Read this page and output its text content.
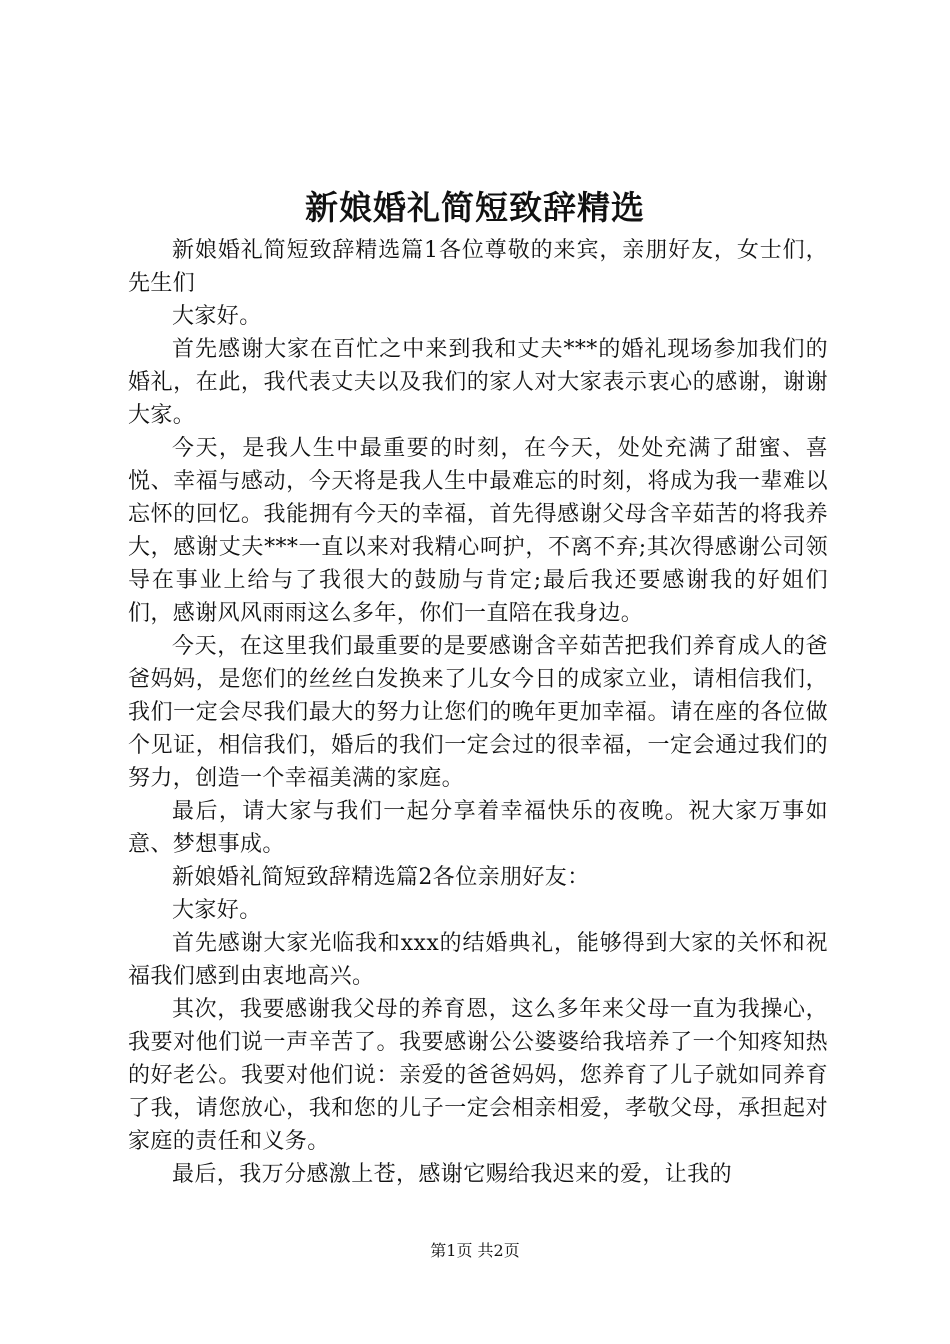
新娘婚礼简短致辞精选

新娘婚礼简短致辞精选篇1各位尊敬的来宾，亲朋好友，女士们，先生们

大家好。

首先感谢大家在百忙之中来到我和丈夫***的婚礼现场参加我们的婚礼，在此，我代表丈夫以及我们的家人对大家表示衷心的感谢，谢谢大家。

今天，是我人生中最重要的时刻，在今天，处处充满了甜蜜、喜悦、幸福与感动，今天将是我人生中最难忘的时刻，将成为我一辈难以忘怀的回忆。我能拥有今天的幸福，首先得感谢父母含辛茹苦的将我养大，感谢丈夫***一直以来对我精心呵护，不离不弃;其次得感谢公司领导在事业上给与了我很大的鼓励与肯定;最后我还要感谢我的好姐们们，感谢风风雨雨这么多年，你们一直陪在我身边。

今天，在这里我们最重要的是要感谢含辛茹苦把我们养育成人的爸爸妈妈，是您们的丝丝白发换来了儿女今日的成家立业，请相信我们，我们一定会尽我们最大的努力让您们的晚年更加幸福。请在座的各位做个见证，相信我们，婚后的我们一定会过的很幸福，一定会通过我们的努力，创造一个幸福美满的家庭。

最后，请大家与我们一起分享着幸福快乐的夜晚。祝大家万事如意、梦想事成。

新娘婚礼简短致辞精选篇2各位亲朋好友：

大家好。

首先感谢大家光临我和xxx的结婚典礼，能够得到大家的关怀和祝福我们感到由衷地高兴。

其次，我要感谢我父母的养育恩，这么多年来父母一直为我操心，我要对他们说一声辛苦了。我要感谢公公婆婆给我培养了一个知疼知热的好老公。我要对他们说：亲爱的爸爸妈妈，您养育了儿子就如同养育了我，请您放心，我和您的儿子一定会相亲相爱，孝敬父母，承担起对家庭的责任和义务。

最后，我万分感激上苍，感谢它赐给我迟来的爱，让我的

第1页 共2页
